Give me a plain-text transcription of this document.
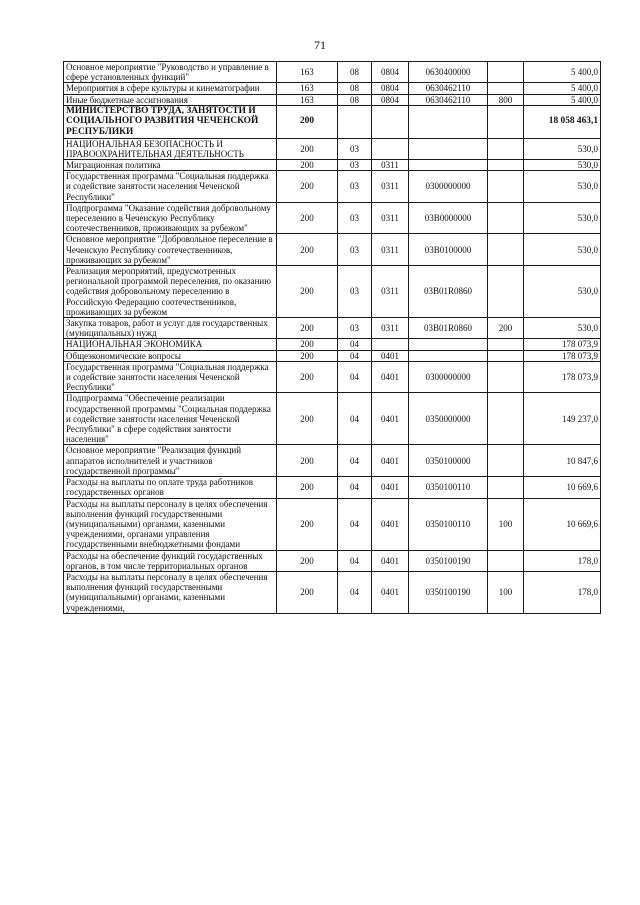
71
Основное мероприятие "Руководство и управление в сфере установленных функций"	163	08	0804	0630400000		5 400,0
Мероприятия в сфере культуры и кинематографии	163	08	0804	0630462110		5 400,0
Иные бюджетные ассигнования	163	08	0804	0630462110	800	5 400,0
МИНИСТЕРСТВО ТРУДА, ЗАНЯТОСТИ И СОЦИАЛЬНОГО РАЗВИТИЯ ЧЕЧЕНСКОЙ РЕСПУБЛИКИ	200					18 058 463,1
НАЦИОНАЛЬНАЯ БЕЗОПАСНОСТЬ И ПРАВООХРАНИТЕЛЬНАЯ ДЕЯТЕЛЬНОСТЬ	200	03				530,0
Миграционная политика	200	03	0311			530,0
Государственная программа "Социальная поддержка и содействие занятости населения Чеченской Республики"	200	03	0311	0300000000		530,0
Подпрограмма "Оказание содействия добровольному переселению в Чеченскую Республику соотечественников, проживающих за рубежом"	200	03	0311	03В0000000		530,0
Основное мероприятие "Добровольное переселение в Чеченскую Республику соотечественников, проживающих за рубежом"	200	03	0311	03В0100000		530,0
Реализация мероприятий, предусмотренных региональной программой переселения, по оказанию содействия добровольному переселению в Российскую Федерацию соотечественников, проживающих за рубежом	200	03	0311	03В01R0860		530,0
Закупка товаров, работ и услуг для государственных (муниципальных) нужд	200	03	0311	03В01R0860	200	530,0
НАЦИОНАЛЬНАЯ ЭКОНОМИКА	200	04				178 073,9
Общеэкономические вопросы	200	04	0401			178 073,9
Государственная программа "Социальная поддержка и содействие занятости населения Чеченской Республики"	200	04	0401	0300000000		178 073,9
Подпрограмма "Обеспечение реализации государственной программы "Социальная поддержка и содействие занятости населения Чеченской Республики" в сфере содействия занятости населения"	200	04	0401	0350000000		149 237,0
Основное мероприятие "Реализация функций аппаратов исполнителей и участников государственной программы"	200	04	0401	0350100000		10 847,6
Расходы на выплаты по оплате труда работников государственных органов	200	04	0401	0350100110		10 669,6
Расходы на выплаты персоналу в целях обеспечения выполнения функций государственными (муниципальными) органами, казенными учреждениями, органами управления государственными внебюджетными фондами	200	04	0401	0350100110	100	10 669,6
Расходы на обеспечение функций государственных органов, в том числе территориальных органов	200	04	0401	0350100190		178,0
Расходы на выплаты персоналу в целях обеспечения выполнения функций государственными (муниципальными) органами, казенными учреждениями,	200	04	0401	0350100190	100	178,0
